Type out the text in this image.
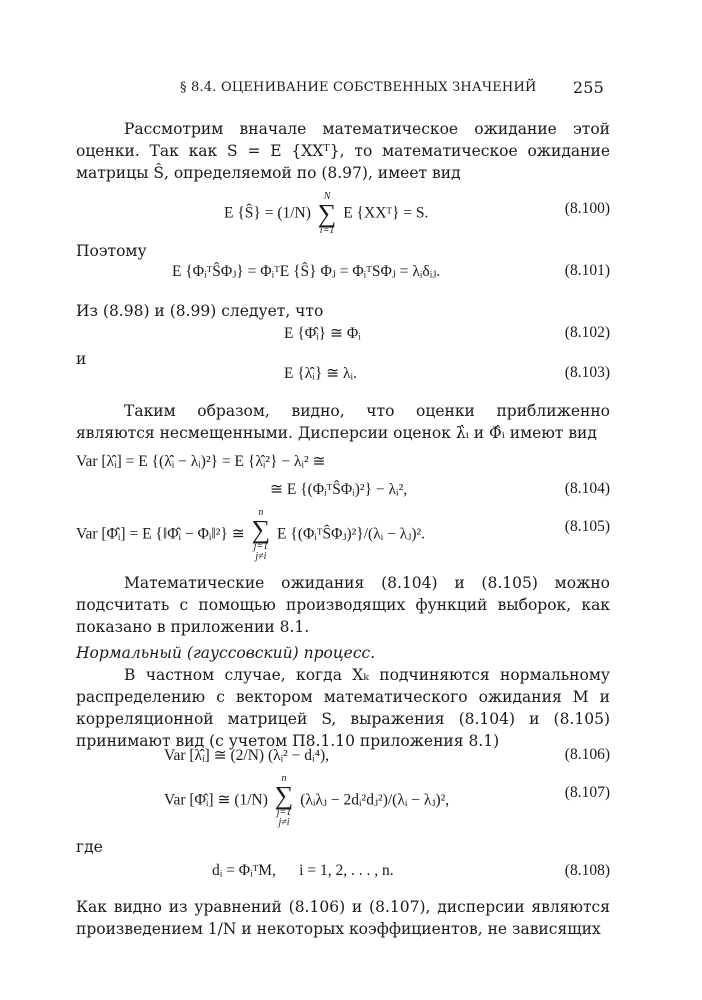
§ 8.4. ОЦЕНИВАНИЕ СОБСТВЕННЫХ ЗНАЧЕНИЙ 255
Рассмотрим вначале математическое ожидание этой оценки. Так как S = E {XXᵀ}, то математическое ожидание матрицы Ŝ, определяемой по (8.97), имеет вид
E {Ŝ} = (1/N)
N
∑
i=1
E {XXᵀ} = S.	(8.100)
Поэтому
E {ΦᵢᵀŜΦⱼ} = ΦᵢᵀE {Ŝ} Φⱼ = ΦᵢᵀSΦⱼ = λᵢδᵢⱼ.	(8.101)
Из (8.98) и (8.99) следует, что
E {Φ̂ᵢ} ≅ Φᵢ	(8.102)
и
E {λ̂ᵢ} ≅ λᵢ.	(8.103)
Таким образом, видно, что оценки приближенно являются несмещенными. Дисперсии оценок λ̂ᵢ и Φ̂ᵢ имеют вид
Var [λ̂ᵢ] = E {(λ̂ᵢ − λᵢ)²} = E {λ̂ᵢ²} − λᵢ² ≅
≅ E {(ΦᵢᵀŜΦᵢ)²} − λᵢ²,	(8.104)
Var [Φ̂ᵢ] = E {‖Φ̂ᵢ − Φᵢ‖²} ≅
n
∑
j=1
j≠i
E {(ΦᵢᵀŜΦⱼ)²}/(λᵢ − λⱼ)².	(8.105)
Математические ожидания (8.104) и (8.105) можно подсчитать с помощью производящих функций выборок, как показано в приложении 8.1.
Нормальный (гауссовский) процесс.
В частном случае, когда Xₖ подчиняются нормальному распределению с вектором математического ожидания M и корреляционной матрицей S, выражения (8.104) и (8.105) принимают вид (с учетом П8.1.10 приложения 8.1)
Var [λ̂ᵢ] ≅ (2/N) (λᵢ² − dᵢ⁴),	(8.106)
Var [Φ̂ᵢ] ≅ (1/N)
n
∑
j=1
j≠i
(λᵢλⱼ − 2dᵢ²dⱼ²)/(λᵢ − λⱼ)²,	(8.107)
где
dᵢ = ΦᵢᵀM,      i = 1, 2, . . . , n.	(8.108)
Как видно из уравнений (8.106) и (8.107), дисперсии являются произведением 1/N и некоторых коэффициентов, не зависящих
